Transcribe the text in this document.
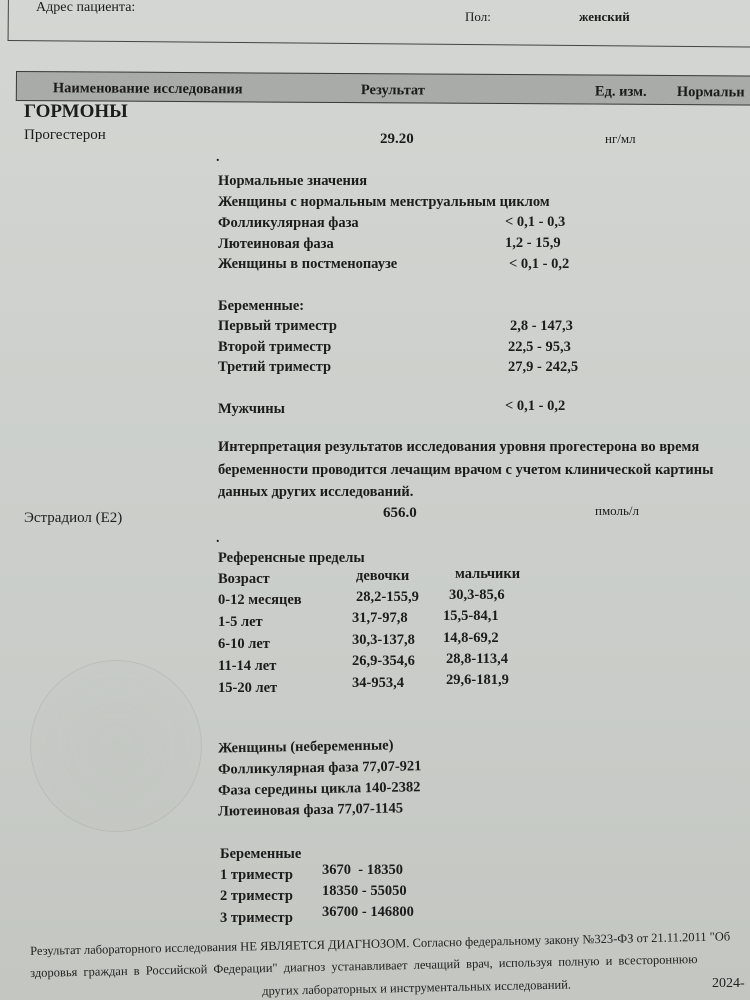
Адрес пациента:
Пол:	женский
Наименование исследования	Результат	Ед. изм. Нормальн
ГОРМОНЫ
Прогестерон	29.20	нг/мл
.
Нормальные значения
Женщины с нормальным менструальным циклом
Фолликулярная фаза	< 0,1 - 0,3
Лютеиновая фаза	1,2 - 15,9
Женщины в постменопаузе	< 0,1 - 0,2
Беременные:
Первый триместр	2,8 - 147,3
Второй триместр	22,5 - 95,3
Третий триместр	27,9 - 242,5
Мужчины	< 0,1 - 0,2
Интерпретация результатов исследования уровня прогестерона во время
беременности проводится лечащим врачом с учетом клинической картины
данных других исследований.
Эстрадиол (Е2)	656.0	пмоль/л
.
Референсные пределы
Возраст	девочки	мальчики
0-12 месяцев	28,2-155,9 30,3-85,6
1-5 лет	31,7-97,8 15,5-84,1
6-10 лет	30,3-137,8 14,8-69,2
11-14 лет	26,9-354,6 28,8-113,4
15-20 лет	34-953,4	29,6-181,9
Женщины (небеременные)
Фолликулярная фаза 77,07-921
Фаза середины цикла 140-2382
Лютеиновая фаза 77,07-1145
Беременные
1 триместр 3670  - 18350
2 триместр 18350 - 55050
3 триместр 36700 - 146800
Результат лабораторного исследования НЕ ЯВЛЯЕТСЯ ДИАГНОЗОМ. Согласно федеральному закону №323-ФЗ от 21.11.2011 "Об
здоровья граждан в Российской Федерации" диагноз устанавливает лечащий врач, используя полную и всестороннюю
других лабораторных и инструментальных исследований.	2024-
